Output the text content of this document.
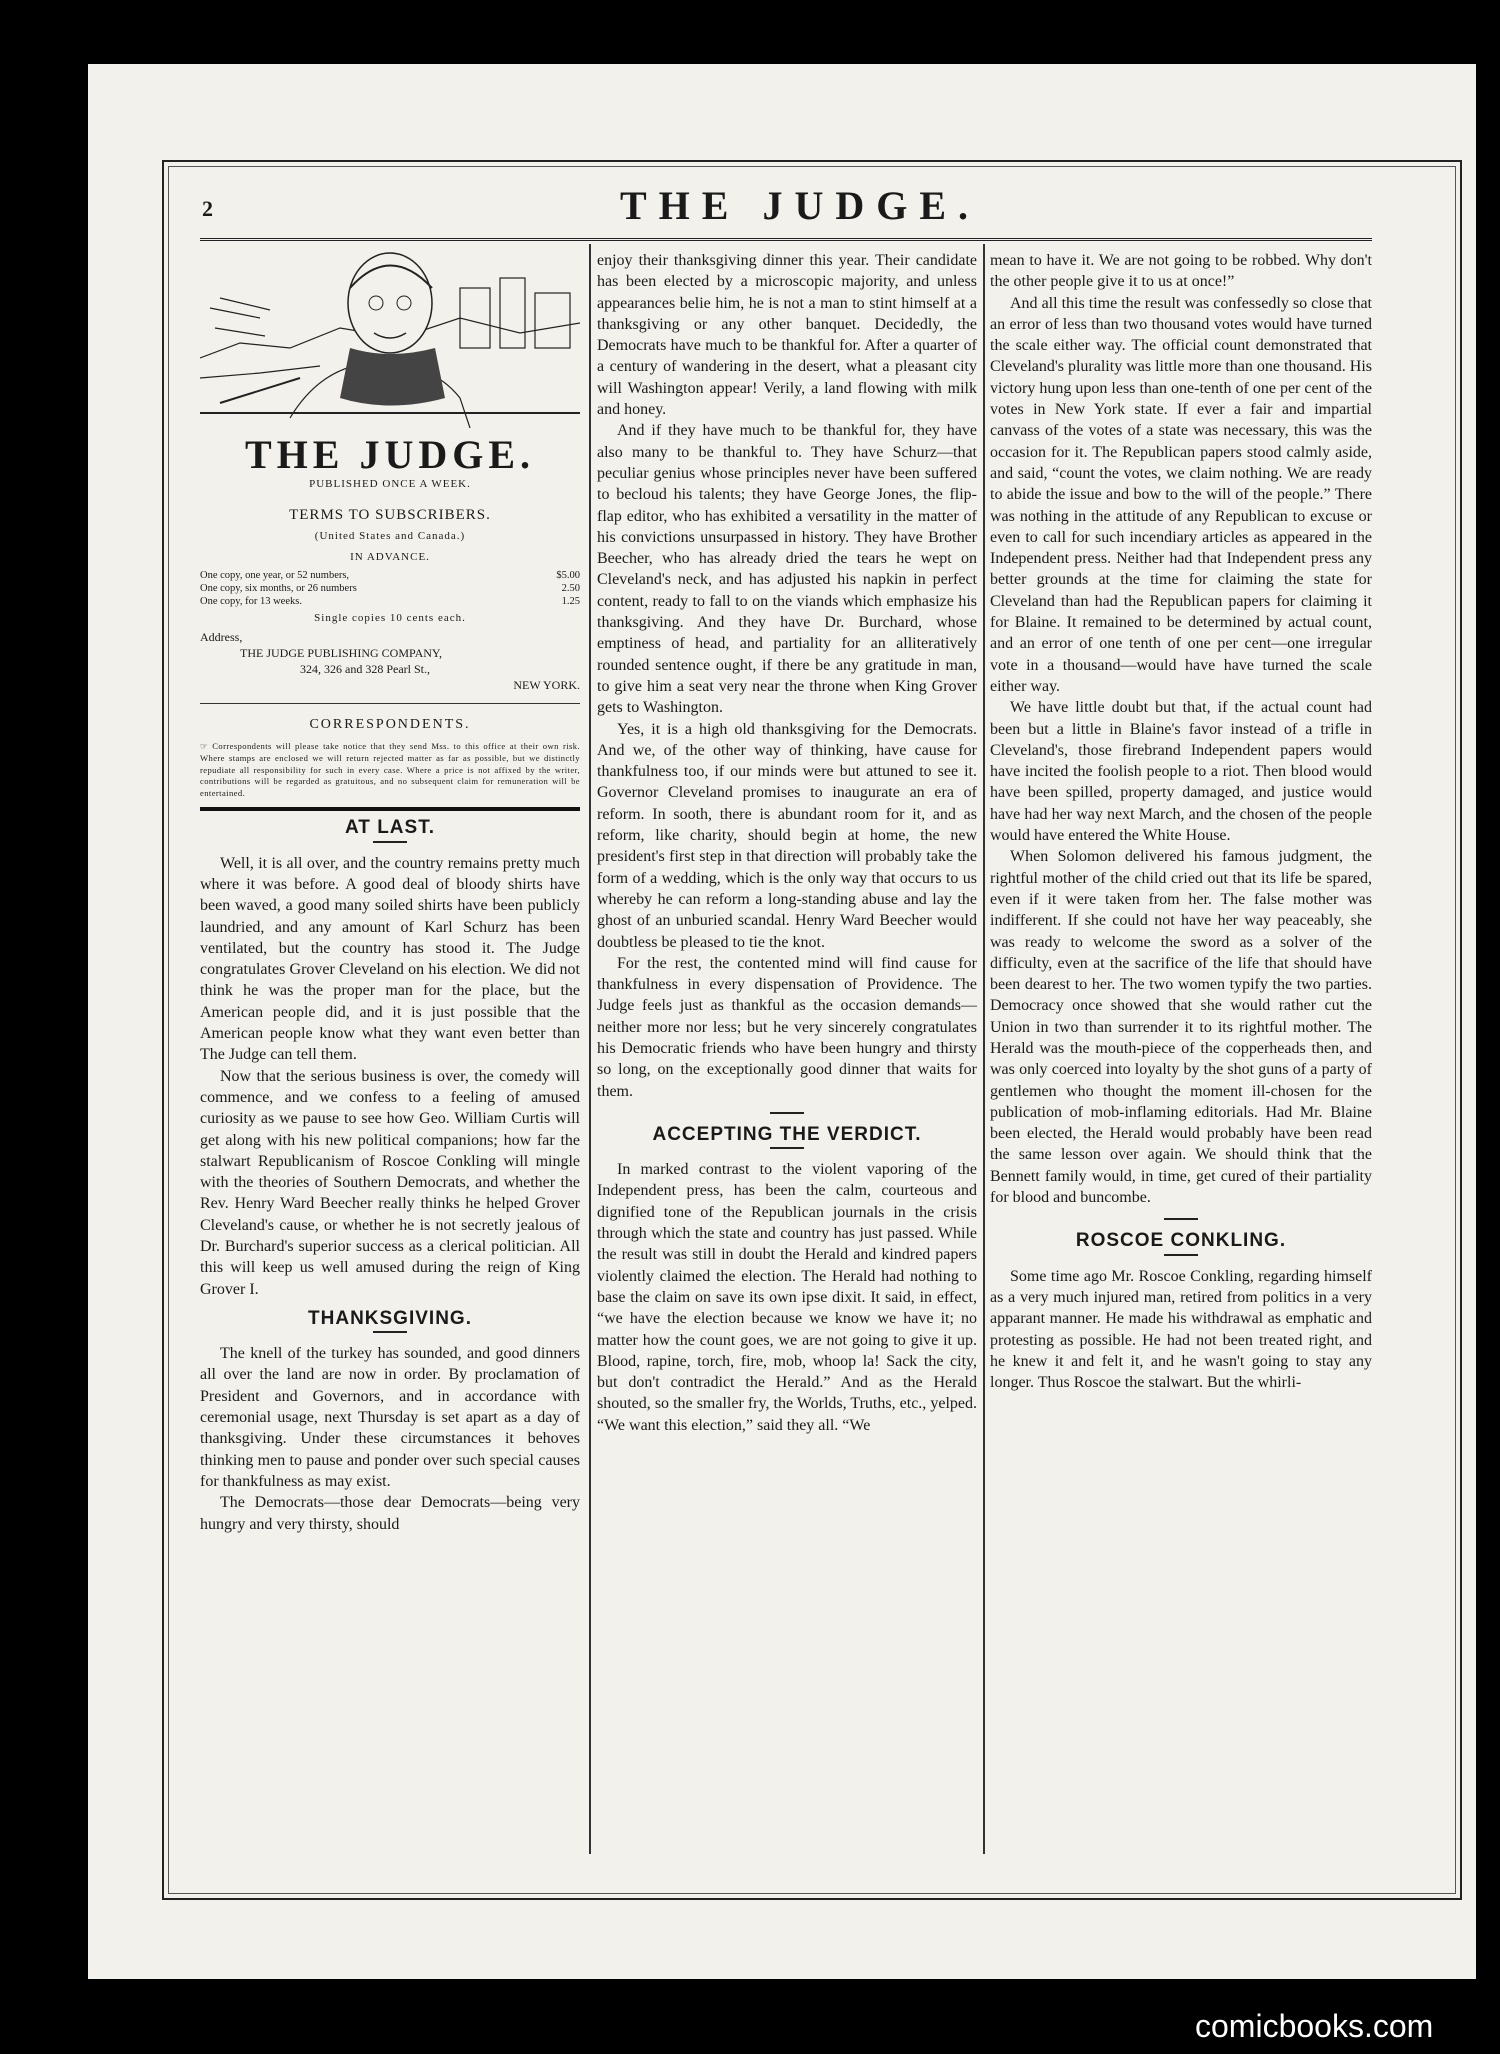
2	THE JUDGE.
THE JUDGE.
PUBLISHED ONCE A WEEK.
TERMS TO SUBSCRIBERS.
(United States and Canada.)
IN ADVANCE.
One copy, one year, or 52 numbers,	$5.00
One copy, six months, or 26 numbers	2.50
One copy, for 13 weeks.	1.25
Single copies 10 cents each.
Address,
THE JUDGE PUBLISHING COMPANY,
324, 326 and 328 Pearl St.,
NEW YORK.
CORRESPONDENTS.
☞ Correspondents will please take notice that they send Mss. to this office at their own risk. Where stamps are enclosed we will return rejected matter as far as possible, but we distinctly repudiate all responsibility for such in every case. Where a price is not affixed by the writer, contributions will be regarded as gratuitous, and no subsequent claim for remuneration will be entertained.
AT LAST.

Well, it is all over, and the country remains pretty much where it was before. A good deal of bloody shirts have been waved, a good many soiled shirts have been publicly laundried, and any amount of Karl Schurz has been ventilated, but the country has stood it. The Judge congratulates Grover Cleveland on his election. We did not think he was the proper man for the place, but the American people did, and it is just possible that the American people know what they want even better than The Judge can tell them.

Now that the serious business is over, the comedy will commence, and we confess to a feeling of amused curiosity as we pause to see how Geo. William Curtis will get along with his new political companions; how far the stalwart Republicanism of Roscoe Conkling will mingle with the theories of Southern Democrats, and whether the Rev. Henry Ward Beecher really thinks he helped Grover Cleveland's cause, or whether he is not secretly jealous of Dr. Burchard's superior success as a clerical politician. All this will keep us well amused during the reign of King Grover I.

THANKSGIVING.

The knell of the turkey has sounded, and good dinners all over the land are now in order. By proclamation of President and Governors, and in accordance with ceremonial usage, next Thursday is set apart as a day of thanksgiving. Under these circumstances it behoves thinking men to pause and ponder over such special causes for thankfulness as may exist.

The Democrats—those dear Democrats—being very hungry and very thirsty, should

enjoy their thanksgiving dinner this year. Their candidate has been elected by a microscopic majority, and unless appearances belie him, he is not a man to stint himself at a thanksgiving or any other banquet. Decidedly, the Democrats have much to be thankful for. After a quarter of a century of wandering in the desert, what a pleasant city will Washington appear! Verily, a land flowing with milk and honey.

And if they have much to be thankful for, they have also many to be thankful to. They have Schurz—that peculiar genius whose principles never have been suffered to becloud his talents; they have George Jones, the flip-flap editor, who has exhibited a versatility in the matter of his convictions unsurpassed in history. They have Brother Beecher, who has already dried the tears he wept on Cleveland's neck, and has adjusted his napkin in perfect content, ready to fall to on the viands which emphasize his thanksgiving. And they have Dr. Burchard, whose emptiness of head, and partiality for an alliteratively rounded sentence ought, if there be any gratitude in man, to give him a seat very near the throne when King Grover gets to Washington.

Yes, it is a high old thanksgiving for the Democrats. And we, of the other way of thinking, have cause for thankfulness too, if our minds were but attuned to see it. Governor Cleveland promises to inaugurate an era of reform. In sooth, there is abundant room for it, and as reform, like charity, should begin at home, the new president's first step in that direction will probably take the form of a wedding, which is the only way that occurs to us whereby he can reform a long-standing abuse and lay the ghost of an unburied scandal. Henry Ward Beecher would doubtless be pleased to tie the knot.

For the rest, the contented mind will find cause for thankfulness in every dispensation of Providence. The Judge feels just as thankful as the occasion demands—neither more nor less; but he very sincerely congratulates his Democratic friends who have been hungry and thirsty so long, on the exceptionally good dinner that waits for them.

ACCEPTING THE VERDICT.

In marked contrast to the violent vaporing of the Independent press, has been the calm, courteous and dignified tone of the Republican journals in the crisis through which the state and country has just passed. While the result was still in doubt the Herald and kindred papers violently claimed the election. The Herald had nothing to base the claim on save its own ipse dixit. It said, in effect, “we have the election because we know we have it; no matter how the count goes, we are not going to give it up. Blood, rapine, torch, fire, mob, whoop la! Sack the city, but don't contradict the Herald.” And as the Herald shouted, so the smaller fry, the Worlds, Truths, etc., yelped. “We want this election,” said they all. “We

mean to have it. We are not going to be robbed. Why don't the other people give it to us at once!”

And all this time the result was confessedly so close that an error of less than two thousand votes would have turned the scale either way. The official count demonstrated that Cleveland's plurality was little more than one thousand. His victory hung upon less than one-tenth of one per cent of the votes in New York state. If ever a fair and impartial canvass of the votes of a state was necessary, this was the occasion for it. The Republican papers stood calmly aside, and said, “count the votes, we claim nothing. We are ready to abide the issue and bow to the will of the people.” There was nothing in the attitude of any Republican to excuse or even to call for such incendiary articles as appeared in the Independent press. Neither had that Independent press any better grounds at the time for claiming the state for Cleveland than had the Republican papers for claiming it for Blaine. It remained to be determined by actual count, and an error of one tenth of one per cent—one irregular vote in a thousand—would have have turned the scale either way.

We have little doubt but that, if the actual count had been but a little in Blaine's favor instead of a trifle in Cleveland's, those firebrand Independent papers would have incited the foolish people to a riot. Then blood would have been spilled, property damaged, and justice would have had her way next March, and the chosen of the people would have entered the White House.

When Solomon delivered his famous judgment, the rightful mother of the child cried out that its life be spared, even if it were taken from her. The false mother was indifferent. If she could not have her way peaceably, she was ready to welcome the sword as a solver of the difficulty, even at the sacrifice of the life that should have been dearest to her. The two women typify the two parties. Democracy once showed that she would rather cut the Union in two than surrender it to its rightful mother. The Herald was the mouth-piece of the copperheads then, and was only coerced into loyalty by the shot guns of a party of gentlemen who thought the moment ill-chosen for the publication of mob-inflaming editorials. Had Mr. Blaine been elected, the Herald would probably have been read the same lesson over again. We should think that the Bennett family would, in time, get cured of their partiality for blood and buncombe.

ROSCOE CONKLING.

Some time ago Mr. Roscoe Conkling, regarding himself as a very much injured man, retired from politics in a very apparant manner. He made his withdrawal as emphatic and protesting as possible. He had not been treated right, and he knew it and felt it, and he wasn't going to stay any longer. Thus Roscoe the stalwart. But the whirli-

comicbooks.com
